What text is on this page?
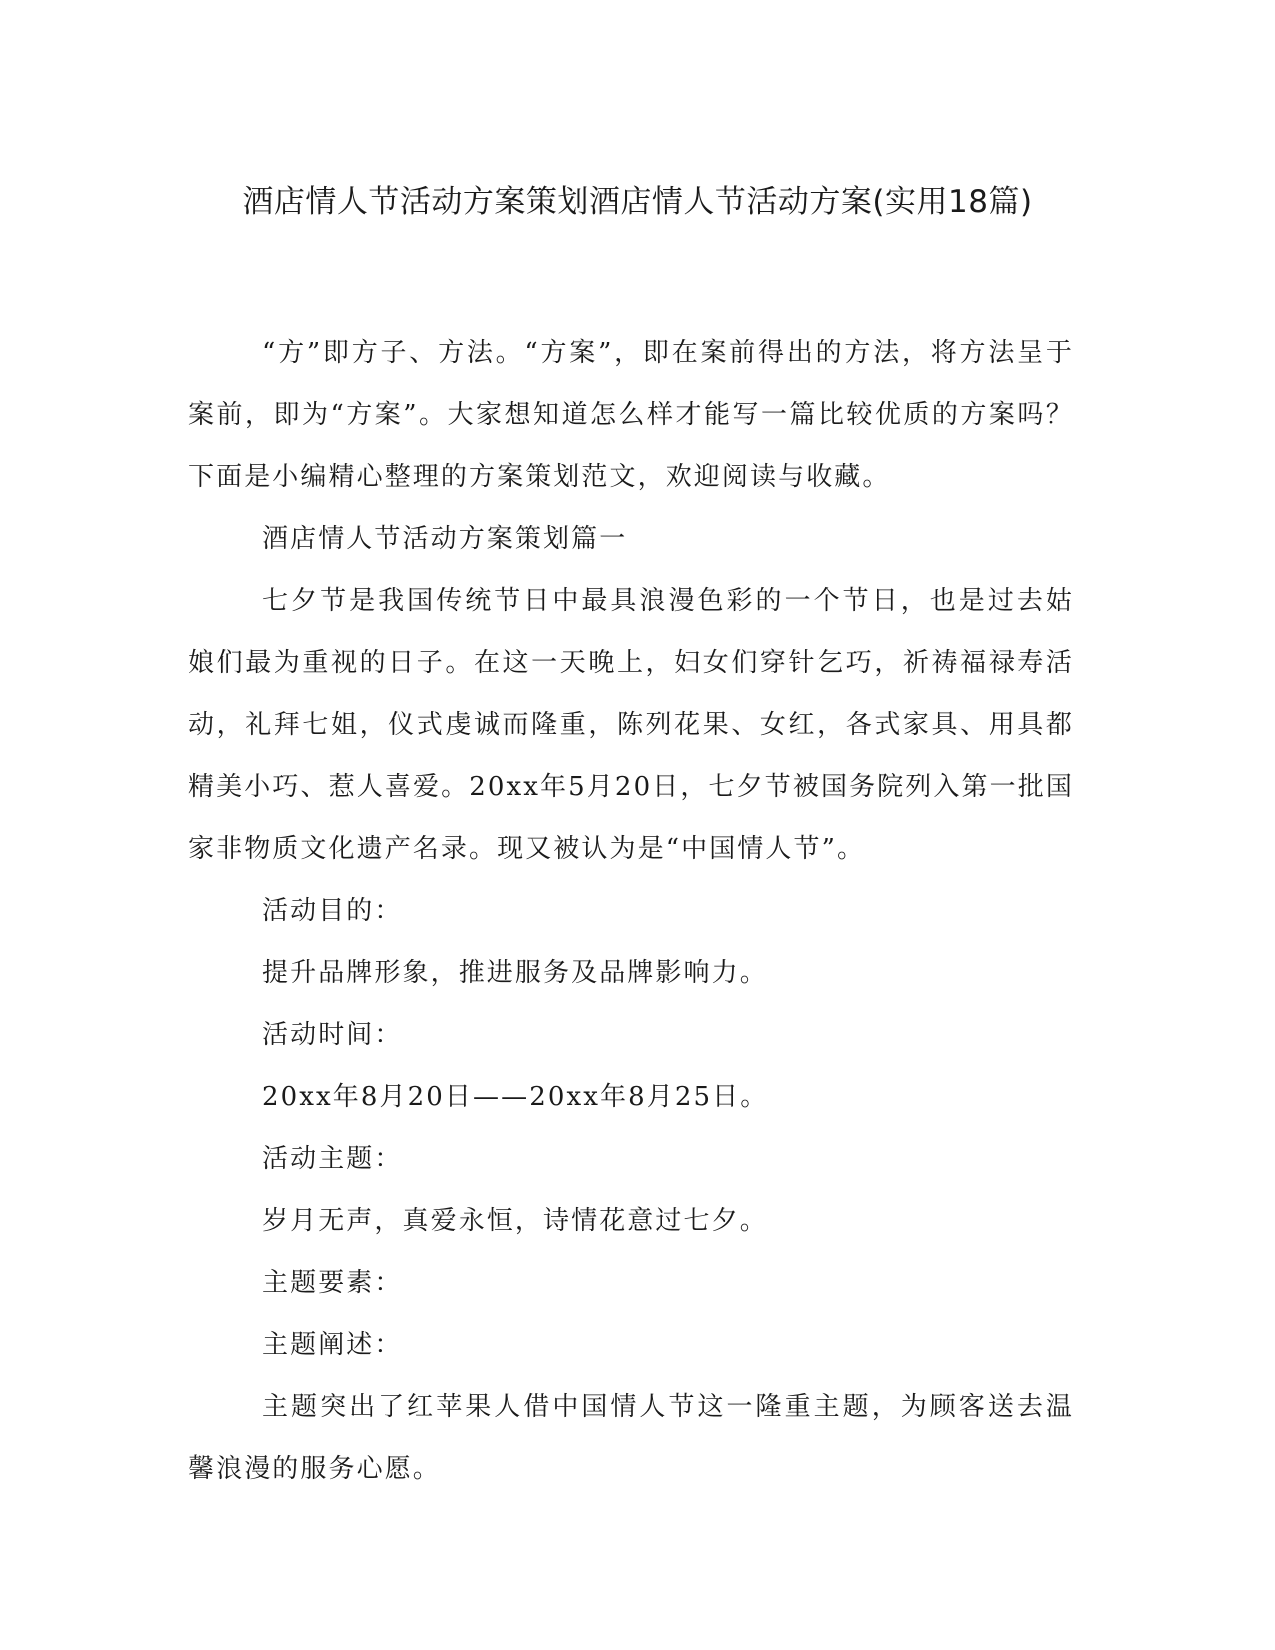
酒店情人节活动方案策划酒店情人节活动方案(实用18篇)

“方”即方子、方法。“方案”，即在案前得出的方法，将方法呈于案前，即为“方案”。大家想知道怎么样才能写一篇比较优质的方案吗？下面是小编精心整理的方案策划范文，欢迎阅读与收藏。

酒店情人节活动方案策划篇一

七夕节是我国传统节日中最具浪漫色彩的一个节日，也是过去姑娘们最为重视的日子。在这一天晚上，妇女们穿针乞巧，祈祷福禄寿活动，礼拜七姐，仪式虔诚而隆重，陈列花果、女红，各式家具、用具都精美小巧、惹人喜爱。20xx年5月20日，七夕节被国务院列入第一批国家非物质文化遗产名录。现又被认为是“中国情人节”。

活动目的：

提升品牌形象，推进服务及品牌影响力。

活动时间：

20xx年8月20日——20xx年8月25日。

活动主题：

岁月无声，真爱永恒，诗情花意过七夕。

主题要素：

主题阐述：

主题突出了红苹果人借中国情人节这一隆重主题，为顾客送去温馨浪漫的服务心愿。
